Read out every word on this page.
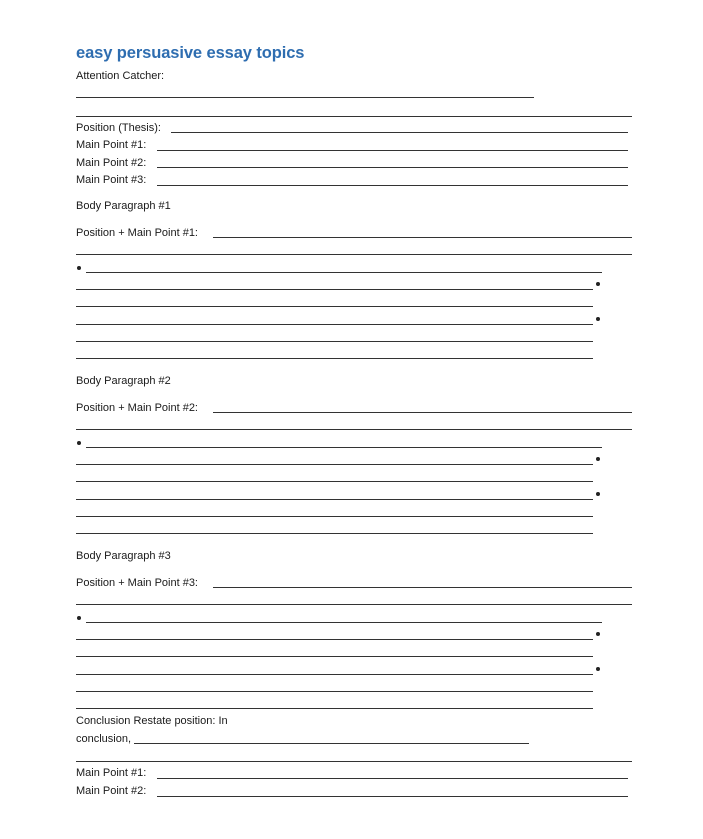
easy persuasive essay topics
Attention Catcher:
Position (Thesis):
Main Point #1:
Main Point #2:
Main Point #3:
Body Paragraph #1
Position + Main Point #1:
Body Paragraph #2
Position + Main Point #2:
Body Paragraph #3
Position + Main Point #3:
Conclusion Restate position: In
conclusion,
Main Point #1:
Main Point #2:
